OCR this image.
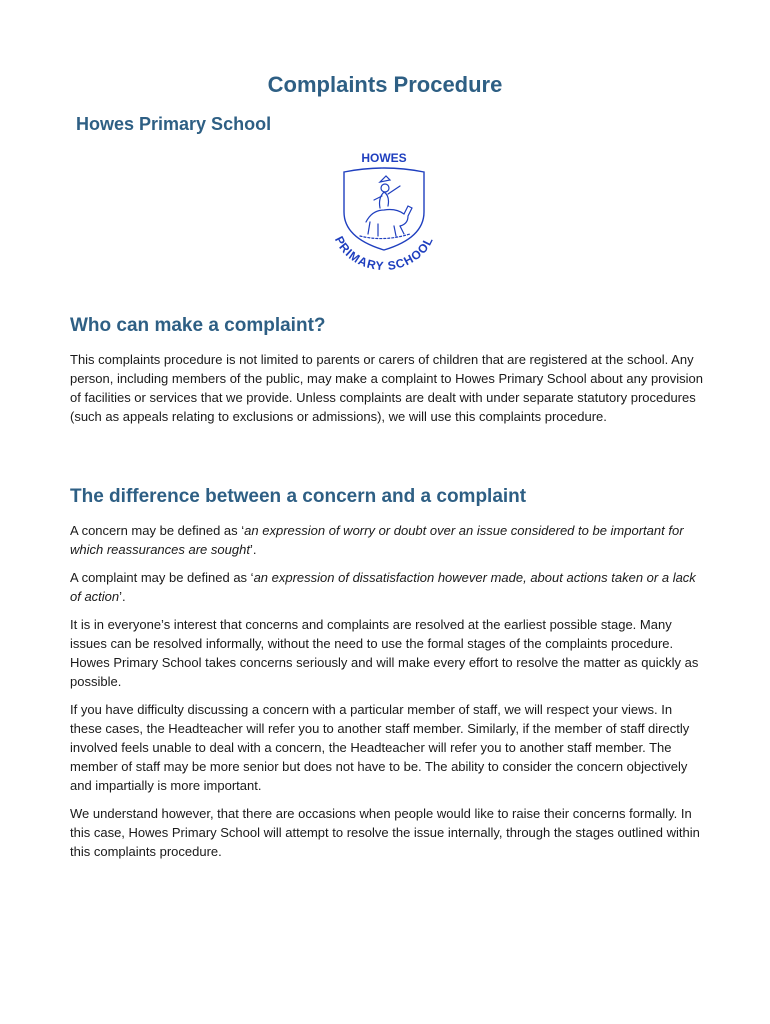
Complaints Procedure
Howes Primary School
HOWES
PRIMARY SCHOOL
Who can make a complaint?

This complaints procedure is not limited to parents or carers of children that are registered at the school. Any person, including members of the public, may make a complaint to Howes Primary School about any provision of facilities or services that we provide. Unless complaints are dealt with under separate statutory procedures (such as appeals relating to exclusions or admissions), we will use this complaints procedure.

The difference between a concern and a complaint

A concern may be defined as ‘an expression of worry or doubt over an issue considered to be important for which reassurances are sought’.

A complaint may be defined as ‘an expression of dissatisfaction however made, about actions taken or a lack of action’.

It is in everyone’s interest that concerns and complaints are resolved at the earliest possible stage. Many issues can be resolved informally, without the need to use the formal stages of the complaints procedure. Howes Primary School takes concerns seriously and will make every effort to resolve the matter as quickly as possible.

If you have difficulty discussing a concern with a particular member of staff, we will respect your views. In these cases, the Headteacher will refer you to another staff member. Similarly, if the member of staff directly involved feels unable to deal with a concern, the Headteacher will refer you to another staff member. The member of staff may be more senior but does not have to be. The ability to consider the concern objectively and impartially is more important.

We understand however, that there are occasions when people would like to raise their concerns formally. In this case, Howes Primary School will attempt to resolve the issue internally, through the stages outlined within this complaints procedure.
